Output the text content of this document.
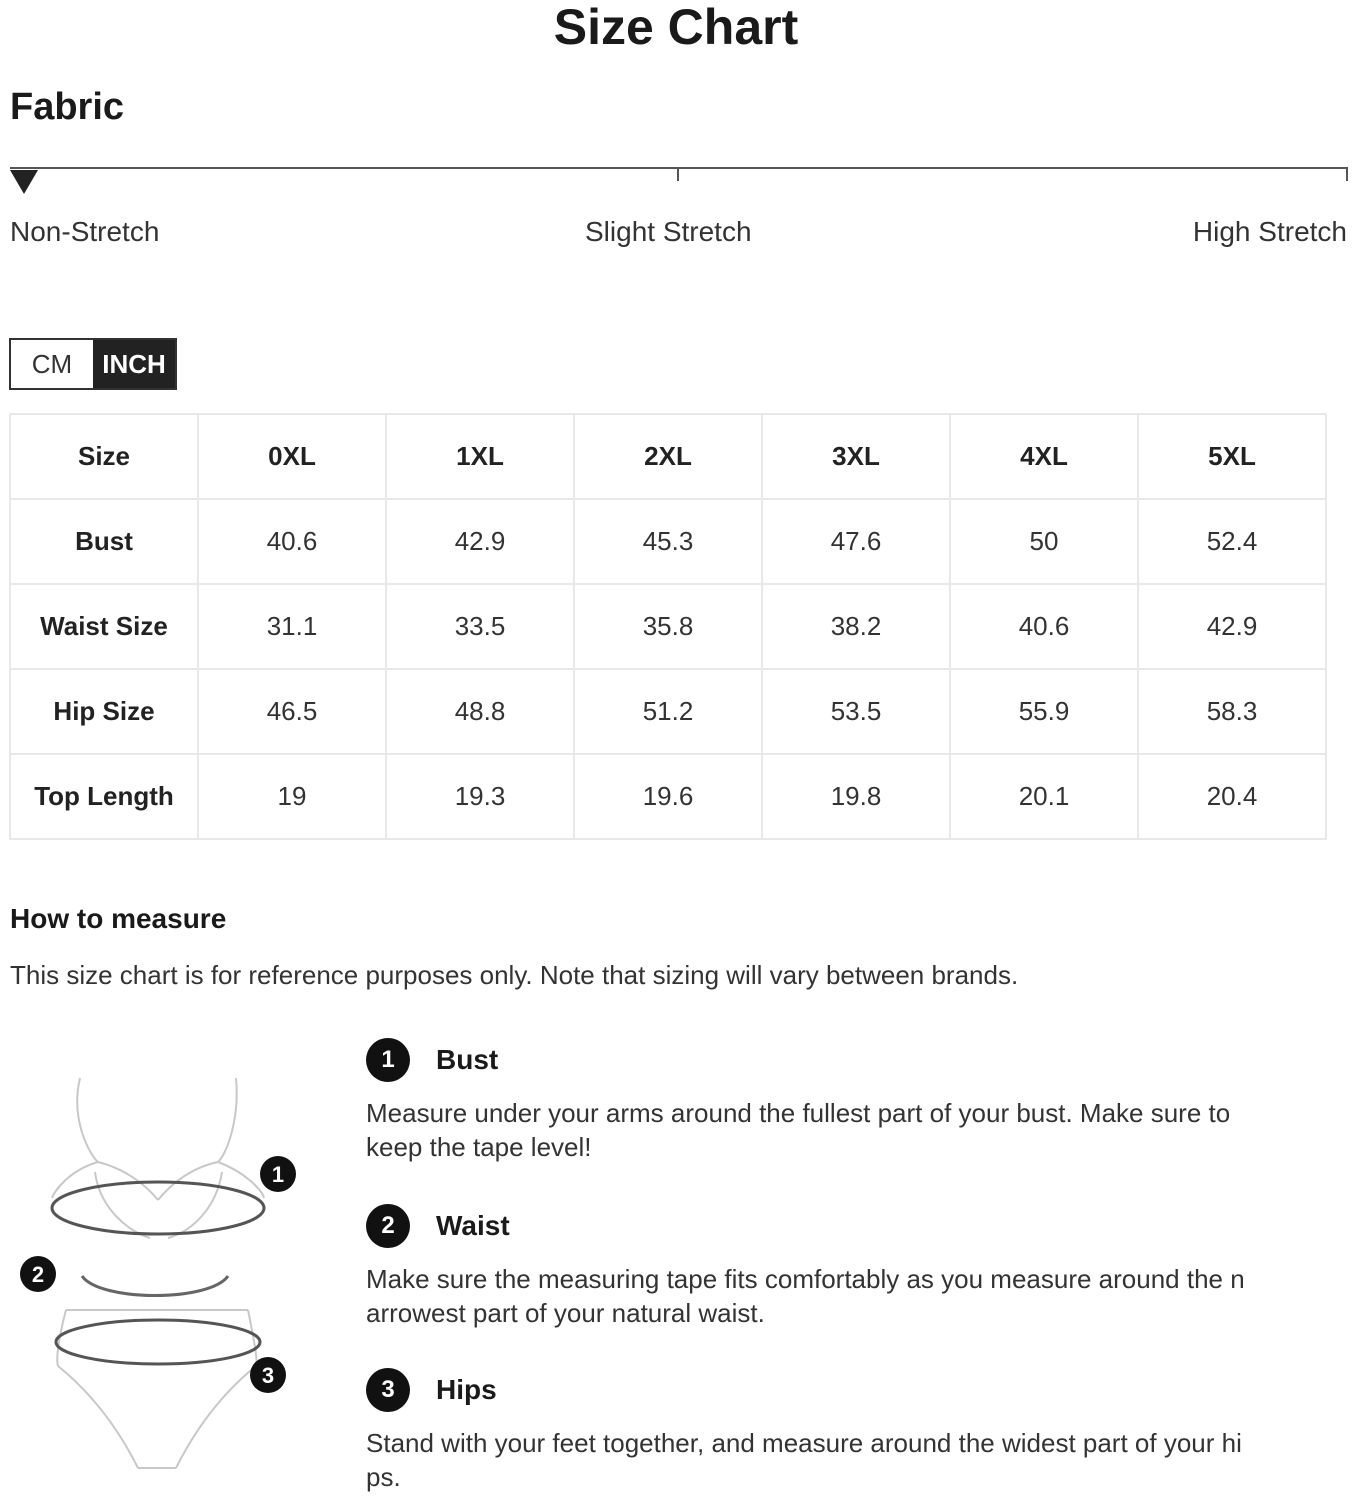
Size Chart
Fabric
Non-Stretch	Slight Stretch	High Stretch
CM	INCH
Size	0XL	1XL	2XL	3XL	4XL	5XL
Bust	40.6	42.9	45.3	47.6	50	52.4
Waist Size	31.1	33.5	35.8	38.2	40.6	42.9
Hip Size	46.5	48.8	51.2	53.5	55.9	58.3
Top Length	19	19.3	19.6	19.8	20.1	20.4
How to measure
This size chart is for reference purposes only. Note that sizing will vary between brands.
1
2
3
1	Bust
Measure under your arms around the fullest part of your bust. Make sure to keep the tape level!
2	Waist
Make sure the measuring tape fits comfortably as you measure around the narrowest part of your natural waist.
3	Hips
Stand with your feet together, and measure around the widest part of your hips.
